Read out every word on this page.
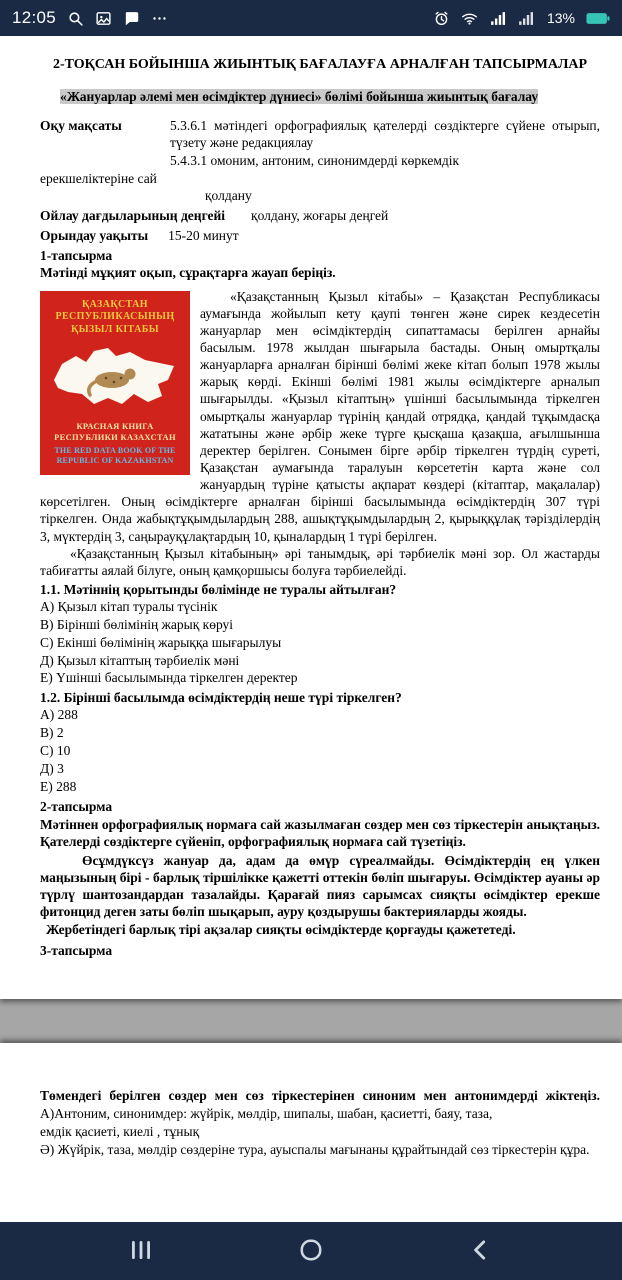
12:05	13%

2-ТОҚСАН БОЙЫНША ЖИЫНТЫҚ БАҒАЛАУҒА АРНАЛҒАН ТАПСЫРМАЛАР

«Жануарлар әлемі мен өсімдіктер дүниесі» бөлімі бойынша жиынтық бағалау

Оқу мақсаты	5.3.6.1 мәтіндегі орфографиялық қателерді сөздіктерге сүйене отырып, түзету және редакциялау
5.4.3.1 омоним, антоним, синонимдерді көркемдік
ерекшеліктеріне сай
қолдану

Ойлау дағдыларының деңгейі қолдану, жоғары деңгей

Орындау уақыты 15-20 минут

1-тапсырма

Мәтінді мұқият оқып, сұрақтарға жауап беріңіз.

ҚАЗАҚСТАН
РЕСПУБЛИКАСЫНЫҢ
ҚЫЗЫЛ КІТАБЫ
КРАСНАЯ КНИГА РЕСПУБЛИКИ КАЗАХСТАН
THE RED DATA BOOK OF THE REPUBLIC OF KAZAKHSTAN

«Қазақстанның Қызыл кітабы» – Қазақстан Республикасы аумағында жойылып кету қаупі төнген және сирек кездесетін жануарлар мен өсімдіктердің сипаттамасы берілген арнайы басылым. 1978 жылдан шығарыла бастады. Оның омыртқалы жануарларға арналған бірінші бөлімі жеке кітап болып 1978 жылы жарық көрді. Екінші бөлімі 1981 жылы өсімдіктерге арналып шығарылды. «Қызыл кітаптың» үшінші басылымында тіркелген омыртқалы жануарлар түрінің қандай отрядқа, қандай тұқымдасқа жататыны және әрбір жеке түрге қысқаша қазақша, ағылшынша деректер берілген. Сонымен бірге әрбір тіркелген түрдің суреті, Қазақстан аумағында таралуын көрсететін карта және сол жануардың түріне қатысты ақпарат көздері (кітаптар, мақалалар) көрсетілген. Оның өсімдіктерге арналған бірінші басылымында өсімдіктердің 307 түрі тіркелген. Онда жабықтұқымдылардың 288, ашықтұқымдылардың 2, қырыққұлақ тәрізділердің 3, мүктердің 3, саңырауқұлақтардың 10, қыналардың 1 түрі берілген.

«Қазақстанның Қызыл кітабының» әрі танымдық, әрі тәрбиелік мәні зор. Ол жастарды табиғатты аялай білуге, оның қамқоршысы болуға тәрбиелейді.

1.1. Мәтіннің қорытынды бөлімінде не туралы айтылған?

А) Қызыл кітап туралы түсінік
В) Бірінші бөлімінің жарық көруі
С) Екінші бөлімінің жарыққа шығарылуы
Д) Қызыл кітаптың тәрбиелік мәні
Е) Үшінші басылымында тіркелген деректер

1.2. Бірінші басылымда өсімдіктердің неше түрі тіркелген?

А) 288
В) 2
С) 10
Д) 3
Е) 288

2-тапсырма

Мәтіннен орфографиялық нормаға сай жазылмаған сөздер мен сөз тіркестерін анықтаңыз. Қателерді сөздіктерге сүйеніп, орфографиялық нормаға сай түзетіңіз.

Өсұмдүксүз жануар да, адам да өмүр сүреалмайды. Өсімдіктердің ең үлкен маңызының бірі - барлық тіршілікке қажетті оттекін бөліп шығаруы. Өсімдіктер ауаны әр түрлү шантозандардан тазалайды. Қарағай пияз сарымсах сияқты өсімдіктер ерекше фитонцид деген заты бөліп шықарып, ауру қоздырушы бактерияларды жояды.

Жербетіндегі барлық тірі ақзалар сияқты өсімдіктерде қорғауды қажететеді.

3-тапсырма

Төмендегі берілген сөздер мен сөз тіркестерінен синоним мен антонимдерді жіктеңіз. А)Антоним, синонимдер: жүйрік, мөлдір, шипалы, шабан, қасиетті, баяу, таза,

емдік қасиеті, киелі , тұнық

Ә) Жүйрік, таза, мөлдір сөздеріне тура, ауыспалы мағынаны құрайтындай сөз тіркестерін құра.
